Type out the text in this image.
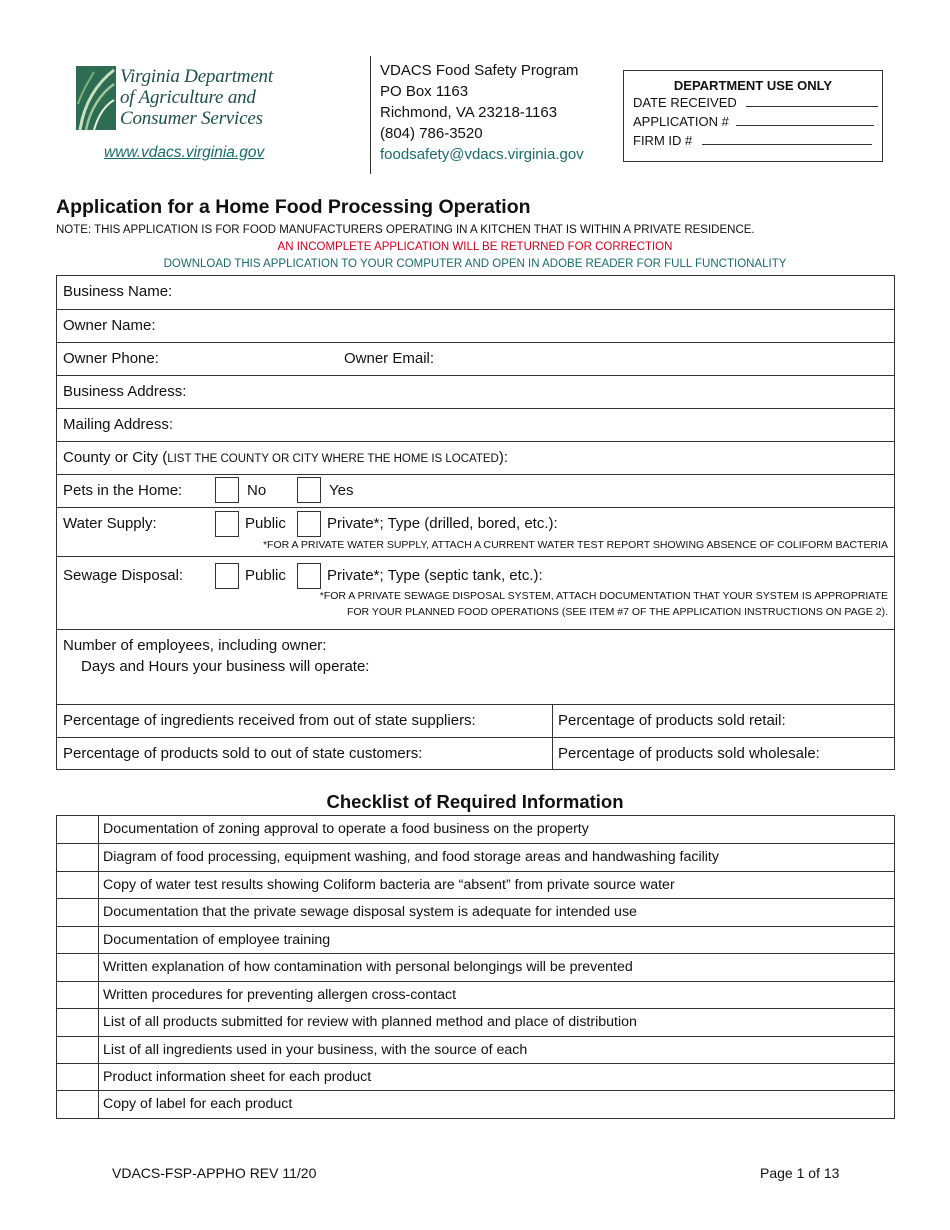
Virginia Department
of Agriculture and
Consumer Services
www.vdacs.virginia.gov
VDACS Food Safety Program
PO Box 1163
Richmond, VA 23218-1163
(804) 786-3520
foodsafety@vdacs.virginia.gov
DEPARTMENT USE ONLY
DATE RECEIVED
APPLICATION #
FIRM ID #
Application for a Home Food Processing Operation
NOTE: THIS APPLICATION IS FOR FOOD MANUFACTURERS OPERATING IN A KITCHEN THAT IS WITHIN A PRIVATE RESIDENCE.
AN INCOMPLETE APPLICATION WILL BE RETURNED FOR CORRECTION
DOWNLOAD THIS APPLICATION TO YOUR COMPUTER AND OPEN IN ADOBE READER FOR FULL FUNCTIONALITY
Business Name:
Owner Name:
Owner Phone:	Owner Email:
Business Address:
Mailing Address:
County or City (LIST THE COUNTY OR CITY WHERE THE HOME IS LOCATED):
Pets in the Home:	No	Yes
Water Supply:	Public	Private*; Type (drilled, bored, etc.):
*FOR A PRIVATE WATER SUPPLY, ATTACH A CURRENT WATER TEST REPORT SHOWING ABSENCE OF COLIFORM BACTERIA
Sewage Disposal:	Public	Private*; Type (septic tank, etc.):
*FOR A PRIVATE SEWAGE DISPOSAL SYSTEM, ATTACH DOCUMENTATION THAT YOUR SYSTEM IS APPROPRIATE
FOR YOUR PLANNED FOOD OPERATIONS (SEE ITEM #7 OF THE APPLICATION INSTRUCTIONS ON PAGE 2).
Number of employees, including owner:
Days and Hours your business will operate:
Percentage of ingredients received from out of state suppliers:	Percentage of products sold retail:
Percentage of products sold to out of state customers:	Percentage of products sold wholesale:
Checklist of Required Information
Documentation of zoning approval to operate a food business on the property
Diagram of food processing, equipment washing, and food storage areas and handwashing facility
Copy of water test results showing Coliform bacteria are “absent” from private source water
Documentation that the private sewage disposal system is adequate for intended use
Documentation of employee training
Written explanation of how contamination with personal belongings will be prevented
Written procedures for preventing allergen cross-contact
List of all products submitted for review with planned method and place of distribution
List of all ingredients used in your business, with the source of each
Product information sheet for each product
Copy of label for each product
VDACS-FSP-APPHO REV 11/20	Page 1 of 13
